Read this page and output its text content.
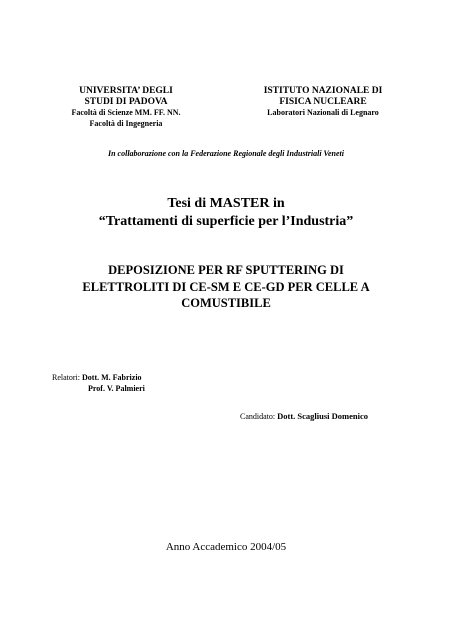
UNIVERSITA’ DEGLI
STUDI DI PADOVA
Facoltà di Scienze MM. FF. NN.
Facoltà di Ingegneria
ISTITUTO NAZIONALE DI
FISICA NUCLEARE
Laboratori Nazionali di Legnaro
In collaborazione con la Federazione Regionale degli Industriali Veneti
Tesi di MASTER in
“Trattamenti di superficie per l’Industria”
DEPOSIZIONE PER RF SPUTTERING DI
ELETTROLITI DI CE-SM E CE-GD PER CELLE A
COMUSTIBILE
Relatori: Dott. M. Fabrizio
Prof. V. Palmieri
Candidato: Dott. Scagliusi Domenico
Anno Accademico 2004/05
